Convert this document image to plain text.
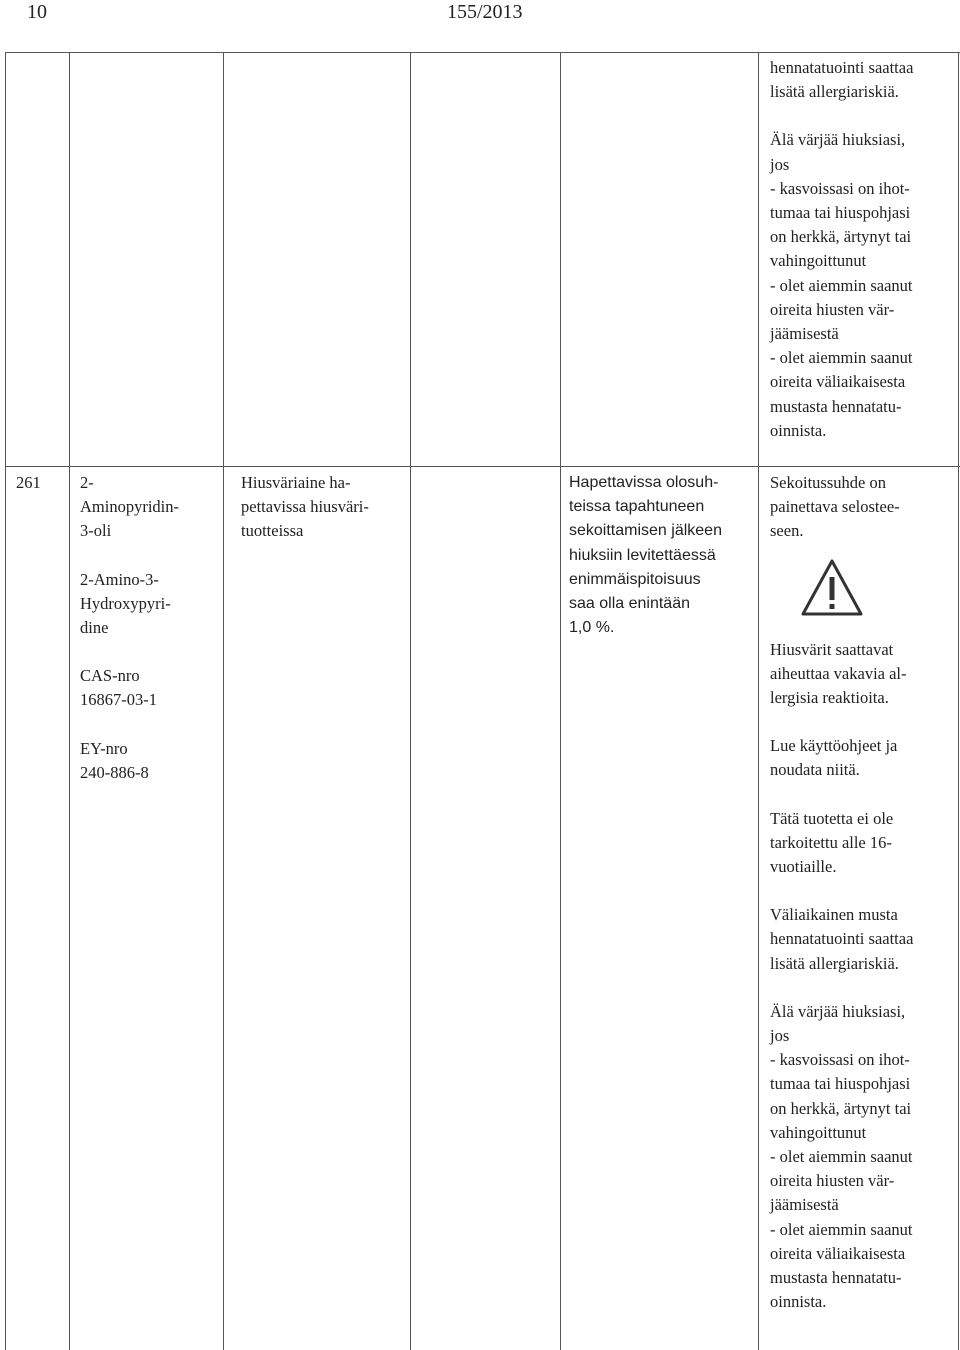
10	155/2013

hennatatuointi saattaa
lisätä allergiariskiä.

Älä värjää hiuksiasi,
jos
- kasvoissasi on ihot-
tumaa tai hiuspohjasi
on herkkä, ärtynyt tai
vahingoittunut
- olet aiemmin saanut
oireita hiusten vär-
jäämisestä
- olet aiemmin saanut
oireita väliaikaisesta
mustasta hennatatu-
oinnista.

261	2-
Aminopyridin-
3-oli

2-Amino-3-
Hydroxypyri-
dine

CAS-nro
16867-03-1

EY-nro
240-886-8

Hiusväriaine ha-
pettavissa hiusväri-
tuotteissa
Hapettavissa olosuh-
teissa tapahtuneen
sekoittamisen jälkeen
hiuksiin levitettäessä
enimmäispitoisuus
saa olla enintään
1,0 %.

Sekoitussuhde on
painettava selostee-
seen.

Hiusvärit saattavat
aiheuttaa vakavia al-
lergisia reaktioita.

Lue käyttöohjeet ja
noudata niitä.

Tätä tuotetta ei ole
tarkoitettu alle 16-
vuotiaille.

Väliaikainen musta
hennatatuointi saattaa
lisätä allergiariskiä.

Älä värjää hiuksiasi,
jos
- kasvoissasi on ihot-
tumaa tai hiuspohjasi
on herkkä, ärtynyt tai
vahingoittunut
- olet aiemmin saanut
oireita hiusten vär-
jäämisestä
- olet aiemmin saanut
oireita väliaikaisesta
mustasta hennatatu-
oinnista.
